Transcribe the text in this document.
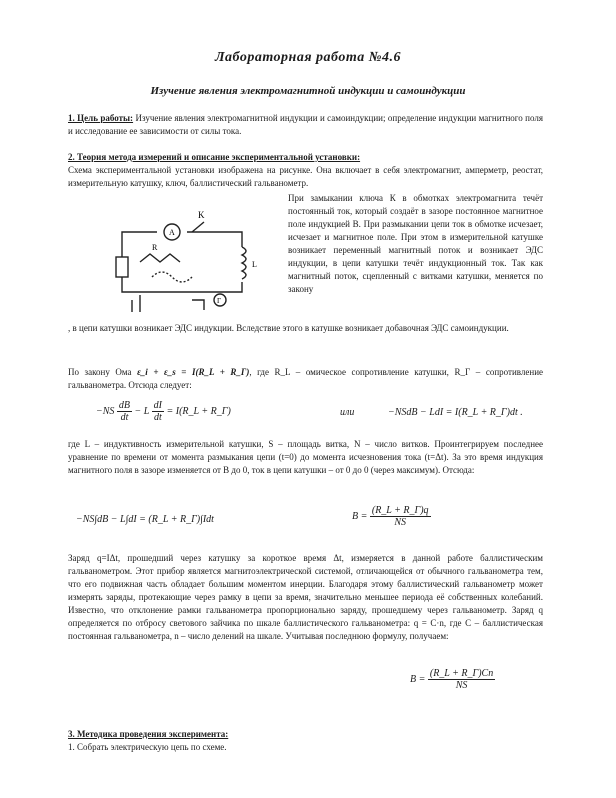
Лабораторная работа №4.6
Изучение явления электромагнитной индукции и самоиндукции
1. Цель работы: Изучение явления электромагнитной индукции и самоиндукции; определение индукции магнитного поля и исследование ее зависимости от силы тока.
2. Теория метода измерений и описание экспериментальной установки:
Схема экспериментальной установки изображена на рисунке. Она включает в себя электромагнит, амперметр, реостат, измерительную катушку, ключ, баллистический гальванометр.
K
A
R
L
Г
При замыкании ключа К в обмотках электромагнита течёт постоянный ток, который создаёт в зазоре постоянное магнитное поле индукцией В. При размыкании цепи ток в обмотке исчезает, исчезает и магнитное поле. При этом в измерительной катушке возникает переменный магнитный поток и возникает ЭДС индукции, в цепи катушки течёт индукционный ток. Так как магнитный поток, сцепленный с витками катушки, меняется по закону
, в цепи катушки возникает ЭДС индукции. Вследствие этого в катушке возникает добавочная ЭДС самоиндукции.
По закону Ома ε_i + ε_s = I(R_L + R_Г), где R_L – омическое сопротивление катушки, R_Г – сопротивление гальванометра. Отсюда следует:
$-NS \frac{dB}{dt} - L \frac{dI}{dt}$ = I(R_L + R_Г)	или	−NSdB − LdI = I(R_L + R_Г)dt .
где L – индуктивность измерительной катушки, S – площадь витка, N – число витков. Проинтегрируем последнее уравнение по времени от момента размыкания цепи (t=0) до момента исчезновения тока (t=Δt). За это время индукция магнитного поля в зазоре изменяется от В до 0, ток в цепи катушки – от 0 до 0 (через максимум). Отсюда:
−NS∫dB − L∫dI = (R_L + R_Г)∫Idt	$B = \frac{(R\_L + R\_Г)q}{NS}$
Заряд q=IΔt, прошедший через катушку за короткое время Δt, измеряется в данной работе баллистическим гальванометром. Этот прибор является магнитоэлектрической системой, отличающейся от обычного гальванометра тем, что его подвижная часть обладает большим моментом инерции. Благодаря этому баллистический гальванометр может измерять заряды, протекающие через рамку в цепи за время, значительно меньшее периода её собственных колебаний. Известно, что отклонение рамки гальванометра пропорционально заряду, прошедшему через гальванометр. Заряд q определяется по отбросу светового зайчика по шкале баллистического гальванометра: q = C·n, где С – баллистическая постоянная гальванометра, n – число делений на шкале. Учитывая последнюю формулу, получаем:
$B = \frac{(R\_L + R\_Г)Cn}{NS}$
3. Методика проведения эксперимента:
1. Собрать электрическую цепь по схеме.
